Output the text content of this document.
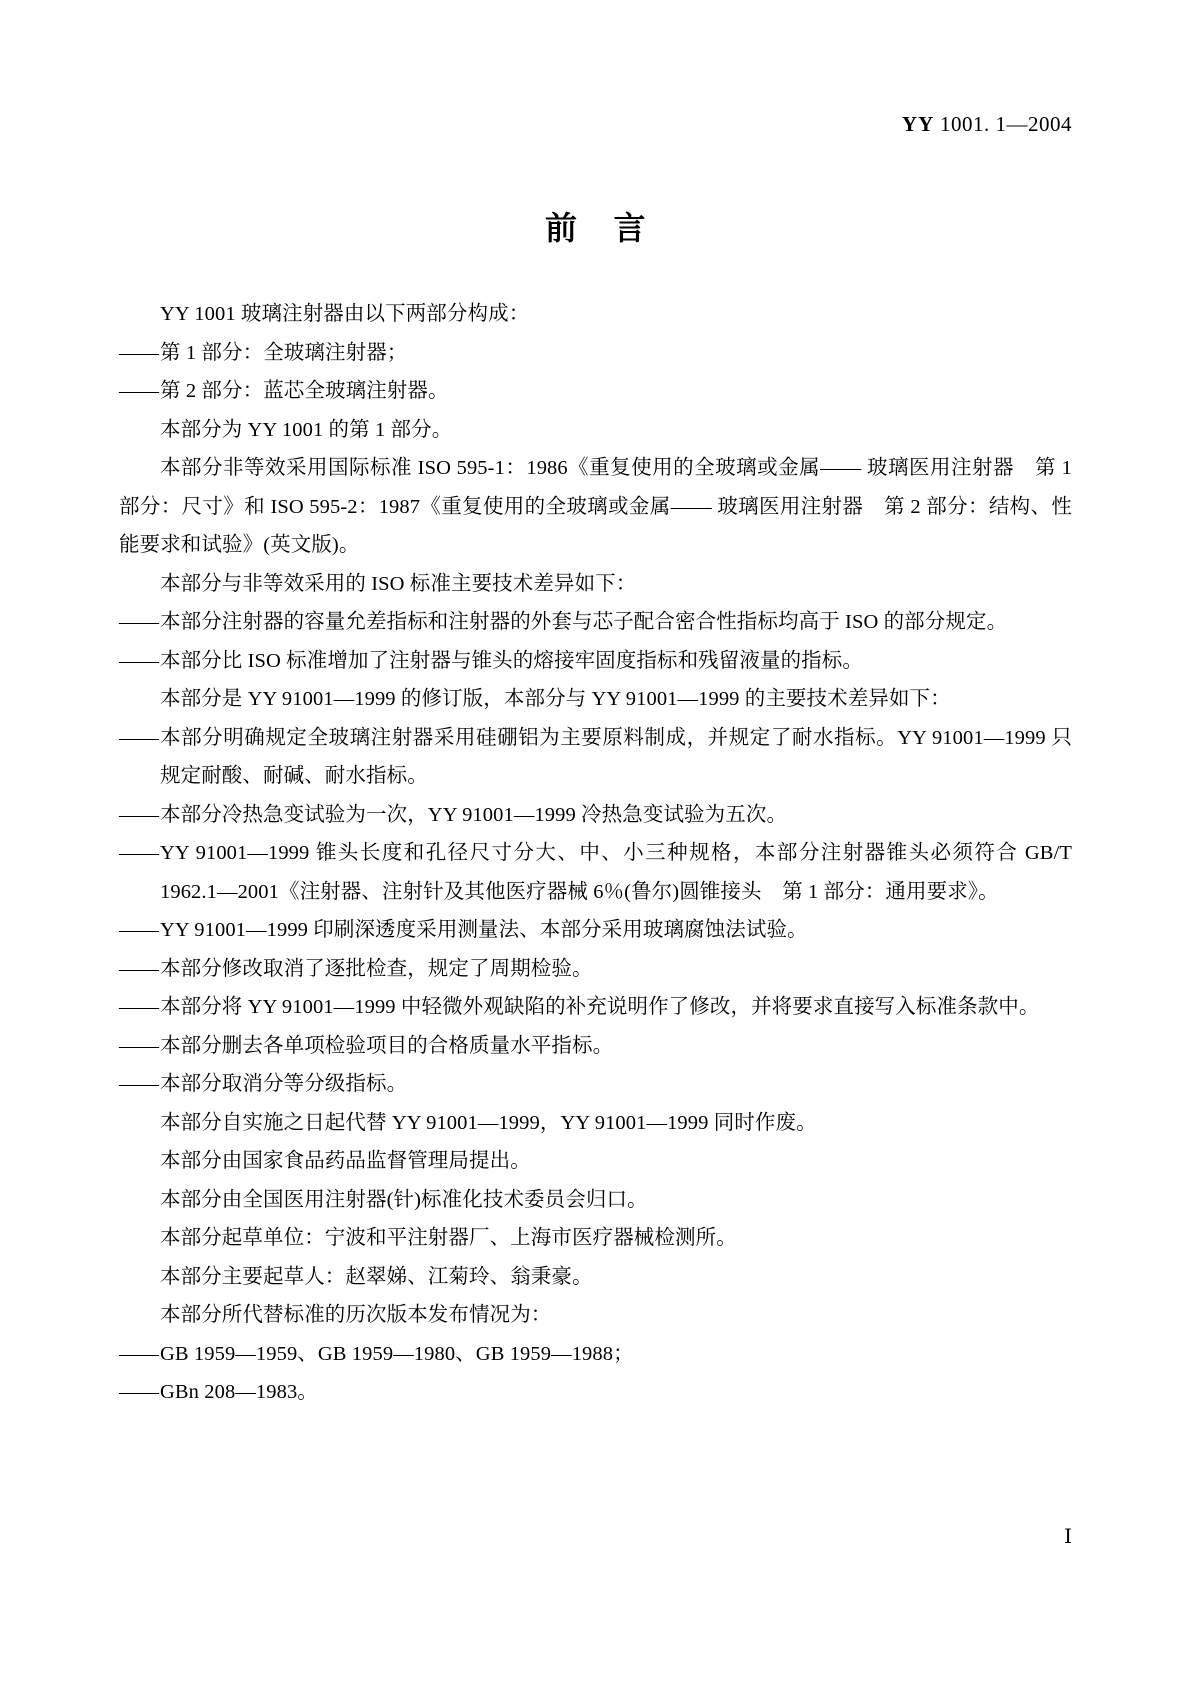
YY 1001. 1—2004
前 言

YY 1001 玻璃注射器由以下两部分构成：

—— 第 1 部分：全玻璃注射器；

—— 第 2 部分：蓝芯全玻璃注射器。

本部分为 YY 1001 的第 1 部分。

本部分非等效采用国际标准 ISO 595-1：1986《重复使用的全玻璃或金属—— 玻璃医用注射器　第 1 部分：尺寸》和 ISO 595-2：1987《重复使用的全玻璃或金属—— 玻璃医用注射器　第 2 部分：结构、性能要求和试验》(英文版)。

本部分与非等效采用的 ISO 标准主要技术差异如下：

—— 本部分注射器的容量允差指标和注射器的外套与芯子配合密合性指标均高于 ISO 的部分规定。

—— 本部分比 ISO 标准增加了注射器与锥头的熔接牢固度指标和残留液量的指标。

本部分是 YY 91001—1999 的修订版，本部分与 YY 91001—1999 的主要技术差异如下：

—— 本部分明确规定全玻璃注射器采用硅硼铝为主要原料制成，并规定了耐水指标。YY 91001—1999 只规定耐酸、耐碱、耐水指标。

—— 本部分冷热急变试验为一次，YY 91001—1999 冷热急变试验为五次。

—— YY 91001—1999 锥头长度和孔径尺寸分大、中、小三种规格，本部分注射器锥头必须符合 GB/T 1962.1—2001《注射器、注射针及其他医疗器械 6％(鲁尔)圆锥接头　第 1 部分：通用要求》。

—— YY 91001—1999 印刷深透度采用测量法、本部分采用玻璃腐蚀法试验。

—— 本部分修改取消了逐批检查，规定了周期检验。

—— 本部分将 YY 91001—1999 中轻微外观缺陷的补充说明作了修改，并将要求直接写入标准条款中。

—— 本部分删去各单项检验项目的合格质量水平指标。

—— 本部分取消分等分级指标。

本部分自实施之日起代替 YY 91001—1999，YY 91001—1999 同时作废。

本部分由国家食品药品监督管理局提出。

本部分由全国医用注射器(针)标准化技术委员会归口。

本部分起草单位：宁波和平注射器厂、上海市医疗器械检测所。

本部分主要起草人：赵翠娣、江菊玲、翁秉豪。

本部分所代替标准的历次版本发布情况为：

—— GB 1959—1959、GB 1959—1980、GB 1959—1988；

—— GBn 208—1983。

Ⅰ
